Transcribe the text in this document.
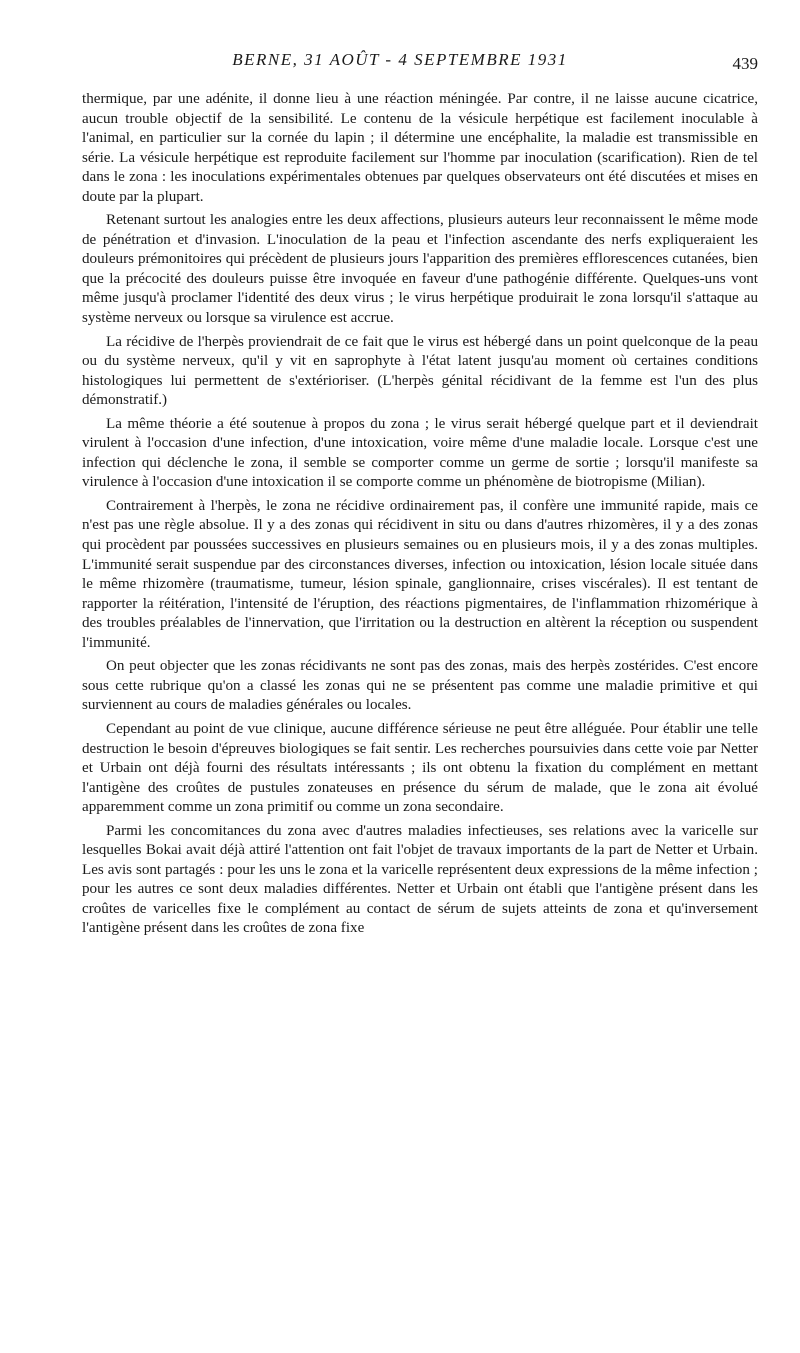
BERNE, 31 AOÛT - 4 SEPTEMBRE 1931	439

thermique, par une adénite, il donne lieu à une réaction méningée. Par contre, il ne laisse aucune cicatrice, aucun trouble objectif de la sensibilité. Le contenu de la vésicule herpétique est facilement inoculable à l'animal, en particulier sur la cornée du lapin ; il détermine une encéphalite, la maladie est transmissible en série. La vésicule herpétique est reproduite facilement sur l'homme par inoculation (scarification). Rien de tel dans le zona : les inoculations expérimentales obtenues par quelques observateurs ont été discutées et mises en doute par la plupart.

Retenant surtout les analogies entre les deux affections, plusieurs auteurs leur reconnaissent le même mode de pénétration et d'invasion. L'inoculation de la peau et l'infection ascendante des nerfs expliqueraient les douleurs prémonitoires qui précèdent de plusieurs jours l'apparition des premières efflorescences cutanées, bien que la précocité des douleurs puisse être invoquée en faveur d'une pathogénie différente. Quelques-uns vont même jusqu'à proclamer l'identité des deux virus ; le virus herpétique produirait le zona lorsqu'il s'attaque au système nerveux ou lorsque sa virulence est accrue.

La récidive de l'herpès proviendrait de ce fait que le virus est hébergé dans un point quelconque de la peau ou du système nerveux, qu'il y vit en saprophyte à l'état latent jusqu'au moment où certaines conditions histologiques lui permettent de s'extérioriser. (L'herpès génital récidivant de la femme est l'un des plus démonstratif.)

La même théorie a été soutenue à propos du zona ; le virus serait hébergé quelque part et il deviendrait virulent à l'occasion d'une infection, d'une intoxication, voire même d'une maladie locale. Lorsque c'est une infection qui déclenche le zona, il semble se comporter comme un germe de sortie ; lorsqu'il manifeste sa virulence à l'occasion d'une intoxication il se comporte comme un phénomène de biotropisme (Milian).

Contrairement à l'herpès, le zona ne récidive ordinairement pas, il confère une immunité rapide, mais ce n'est pas une règle absolue. Il y a des zonas qui récidivent in situ ou dans d'autres rhizomères, il y a des zonas qui procèdent par poussées successives en plusieurs semaines ou en plusieurs mois, il y a des zonas multiples. L'immunité serait suspendue par des circonstances diverses, infection ou intoxication, lésion locale située dans le même rhizomère (traumatisme, tumeur, lésion spinale, ganglionnaire, crises viscérales). Il est tentant de rapporter la réitération, l'intensité de l'éruption, des réactions pigmentaires, de l'inflammation rhizomérique à des troubles préalables de l'innervation, que l'irritation ou la destruction en altèrent la réception ou suspendent l'immunité.

On peut objecter que les zonas récidivants ne sont pas des zonas, mais des herpès zostérides. C'est encore sous cette rubrique qu'on a classé les zonas qui ne se présentent pas comme une maladie primitive et qui surviennent au cours de maladies générales ou locales.

Cependant au point de vue clinique, aucune différence sérieuse ne peut être alléguée. Pour établir une telle destruction le besoin d'épreuves biologiques se fait sentir. Les recherches poursuivies dans cette voie par Netter et Urbain ont déjà fourni des résultats intéressants ; ils ont obtenu la fixation du complément en mettant l'antigène des croûtes de pustules zonateuses en présence du sérum de malade, que le zona ait évolué apparemment comme un zona primitif ou comme un zona secondaire.

Parmi les concomitances du zona avec d'autres maladies infectieuses, ses relations avec la varicelle sur lesquelles Bokai avait déjà attiré l'attention ont fait l'objet de travaux importants de la part de Netter et Urbain. Les avis sont partagés : pour les uns le zona et la varicelle représentent deux expressions de la même infection ; pour les autres ce sont deux maladies différentes. Netter et Urbain ont établi que l'antigène présent dans les croûtes de varicelles fixe le complément au contact de sérum de sujets atteints de zona et qu'inversement l'antigène présent dans les croûtes de zona fixe
